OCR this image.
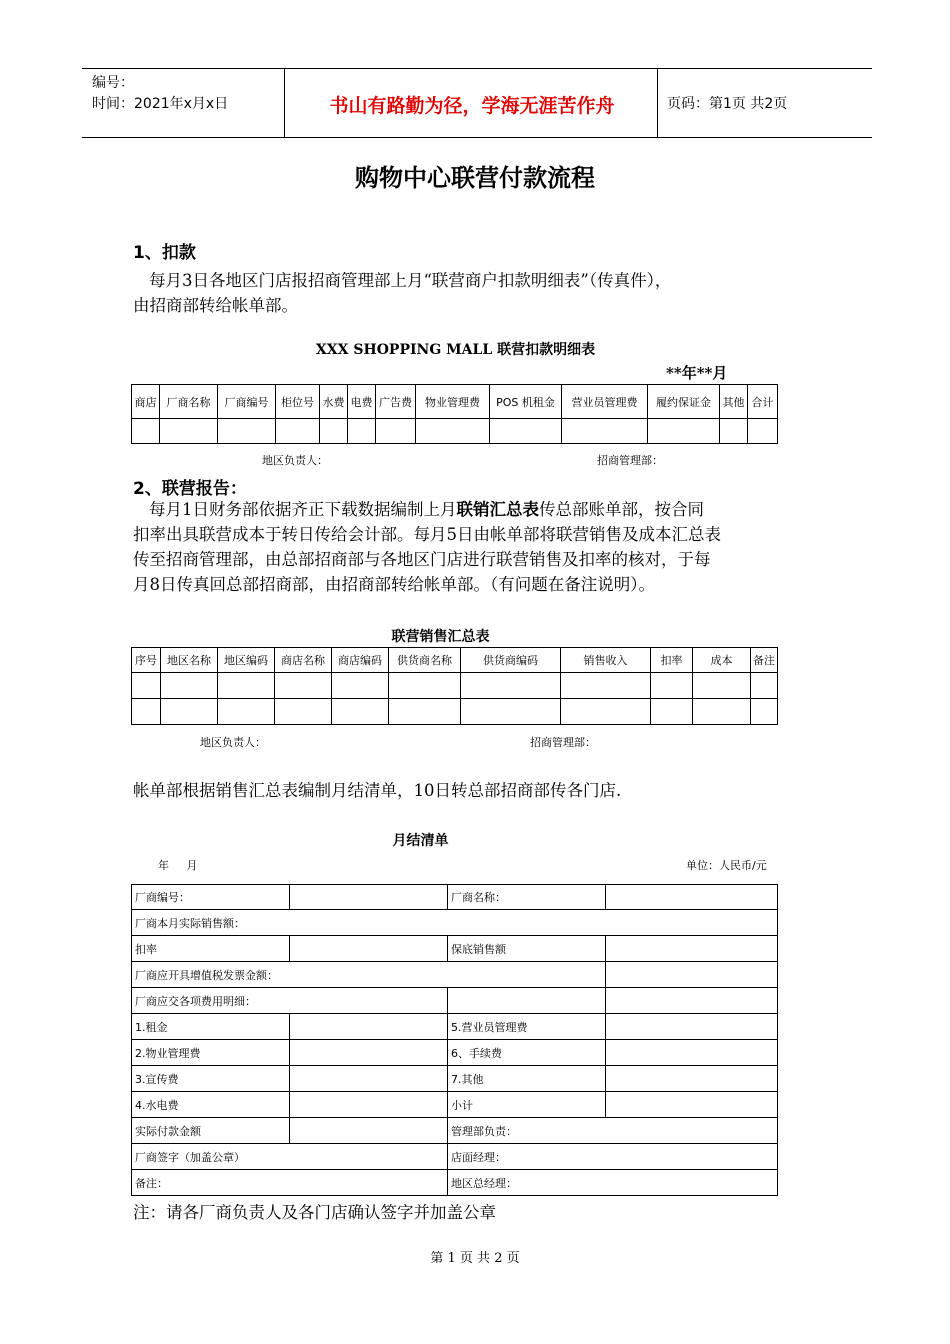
编号：
时间：2021年x月x日	书山有路勤为径，学海无涯苦作舟	页码：第1页 共2页
购物中心联营付款流程
1、扣款
每月3日各地区门店报招商管理部上月“联营商户扣款明细表”（传真件），
由招商部转给帐单部。
XXX SHOPPING MALL 联营扣款明细表
**年**月
商店	厂商名称	厂商编号	柜位号	水费	电费	广告费	物业管理费	POS 机租金	营业员管理费	履约保证金	其他	合计

地区负责人：	招商管理部：
2、联营报告：
每月1日财务部依据齐正下载数据编制上月联销汇总表传总部账单部，按合同
扣率出具联营成本于转日传给会计部。每月5日由帐单部将联营销售及成本汇总表
传至招商管理部，由总部招商部与各地区门店进行联营销售及扣率的核对，于每
月8日传真回总部招商部，由招商部转给帐单部。（有问题在备注说明）。
联营销售汇总表
序号	地区名称	地区编码	商店名称	商店编码	供货商名称	供货商编码	销售收入	扣率	成本	备注

地区负责人：	招商管理部：
帐单部根据销售汇总表编制月结清单，10日转总部招商部传各门店.
月结清单
年     月	单位：人民币/元
厂商编号：		厂商名称：	
厂商本月实际销售额：			
扣率		保底销售额	
厂商应开具增值税发票金额：			
厂商应交各项费用明细：			
1.租金		5.营业员管理费	
2.物业管理费		6、手续费	
3.宣传费		7.其他	
4.水电费		小计	
实际付款金额		管理部负责：	
厂商签字（加盖公章）		店面经理：	
备注：		地区总经理：	
注：请各厂商负责人及各门店确认签字并加盖公章
第 1 页 共 2 页
